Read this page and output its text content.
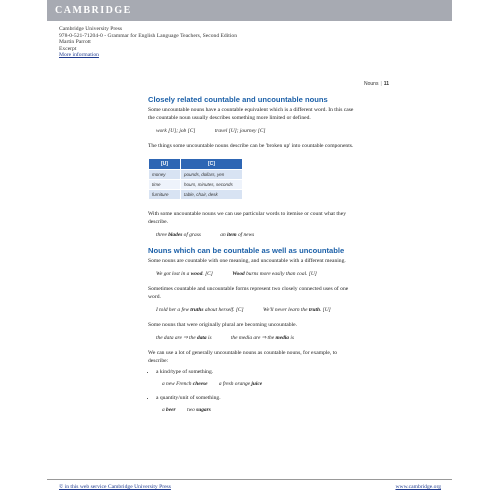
CAMBRIDGE
Cambridge University Press
978-0-521-71204-0 - Grammar for English Language Teachers, Second Edition
Martin Parrott
Excerpt
More information
Nouns | 11
Closely related countable and uncountable nouns

Some uncountable nouns have a countable equivalent which is a different word. In this case the countable noun usually describes something more limited or defined.

work [U]; job [C]	travel [U]; journey [C]

The things some uncountable nouns describe can be 'broken up' into countable components.

[U]	[C]
money	pounds, dollars, yen
time	hours, minutes, seconds
furniture	table, chair, desk

With some uncountable nouns we can use particular words to itemise or count what they describe.

three blades of grass	an item of news
Nouns which can be countable as well as uncountable

Some nouns are countable with one meaning, and uncountable with a different meaning.

We got lost in a wood. [C]	Wood burns more easily than coal. [U]

Sometimes countable and uncountable forms represent two closely connected uses of one word.

I told her a few truths about herself. [C]	We'll never learn the truth. [U]

Some nouns that were originally plural are becoming uncountable.

the data are ⇒ the data is	the media are ⇒ the media is

We can use a lot of generally uncountable nouns as countable nouns, for example, to describe:

• a kind/type of something.
a new French cheese a fresh orange juice
• a quantity/unit of something.
a beer two sugars
© in this web service Cambridge University Press	www.cambridge.org
